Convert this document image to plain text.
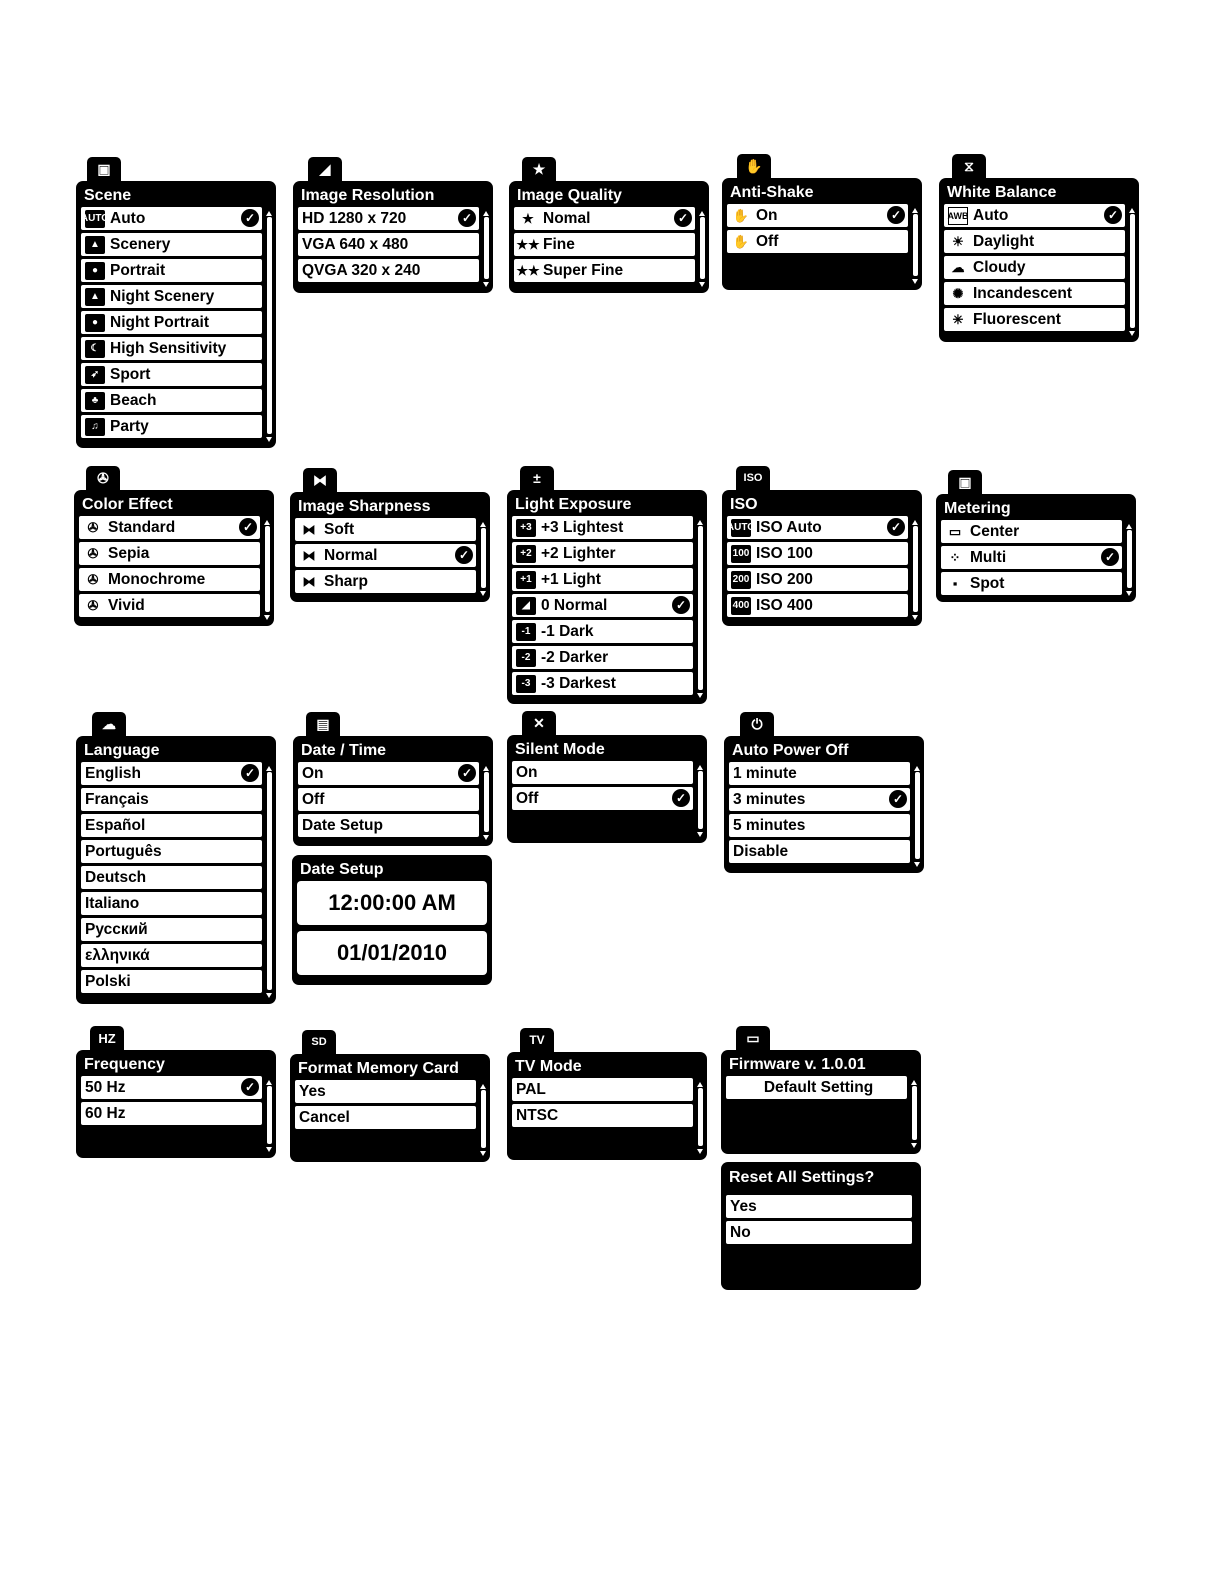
▣
Scene
AUTO Auto	✓
▲ Scenery
● Portrait
▲ Night Scenery
● Night Portrait
☾ High Sensitivity
➶ Sport
♣ Beach
♫ Party
◢
Image Resolution
HD 1280 x 720	✓
VGA 640 x 480
QVGA 320 x 240
★
Image Quality
★ Nomal	✓
★★ Fine
★★ Super Fine
✋
Anti-Shake
✋ On	✓
✋ Off
⧖
White Balance
AWB Auto	✓
☀ Daylight
☁ Cloudy
✺ Incandescent
✳ Fluorescent
✇
Color Effect
✇ Standard	✓
✇ Sepia
✇ Monochrome
✇ Vivid
⧓
Image Sharpness
⧓ Soft
⧓ Normal	✓
⧓ Sharp
±
Light Exposure
+3 +3 Lightest
+2 +2 Lighter
+1 +1 Light
◢ 0 Normal	✓
-1 -1 Dark
-2 -2 Darker
-3 -3 Darkest
ISO
ISO
AUTO ISO Auto	✓
100 ISO 100
200 ISO 200
400 ISO 400
▣
Metering
▭ Center
⁘ Multi	✓
▪ Spot
☁
Language
English	✓
Français
Español
Português
Deutsch
Italiano
Русский
ελληνικά
Polski
▤
Date / Time
On	✓
Off
Date Setup
Date Setup
12:00:00 AM
01/01/2010
✕
Silent Mode
On
Off	✓
⏻
Auto Power Off
1 minute
3 minutes	✓
5 minutes
Disable
HZ
Frequency
50 Hz	✓
60 Hz
SD
Format Memory Card
Yes
Cancel
TV
TV Mode
PAL
NTSC
▭
Firmware v. 1.0.01
Default Setting
Reset All Settings?
Yes
No
